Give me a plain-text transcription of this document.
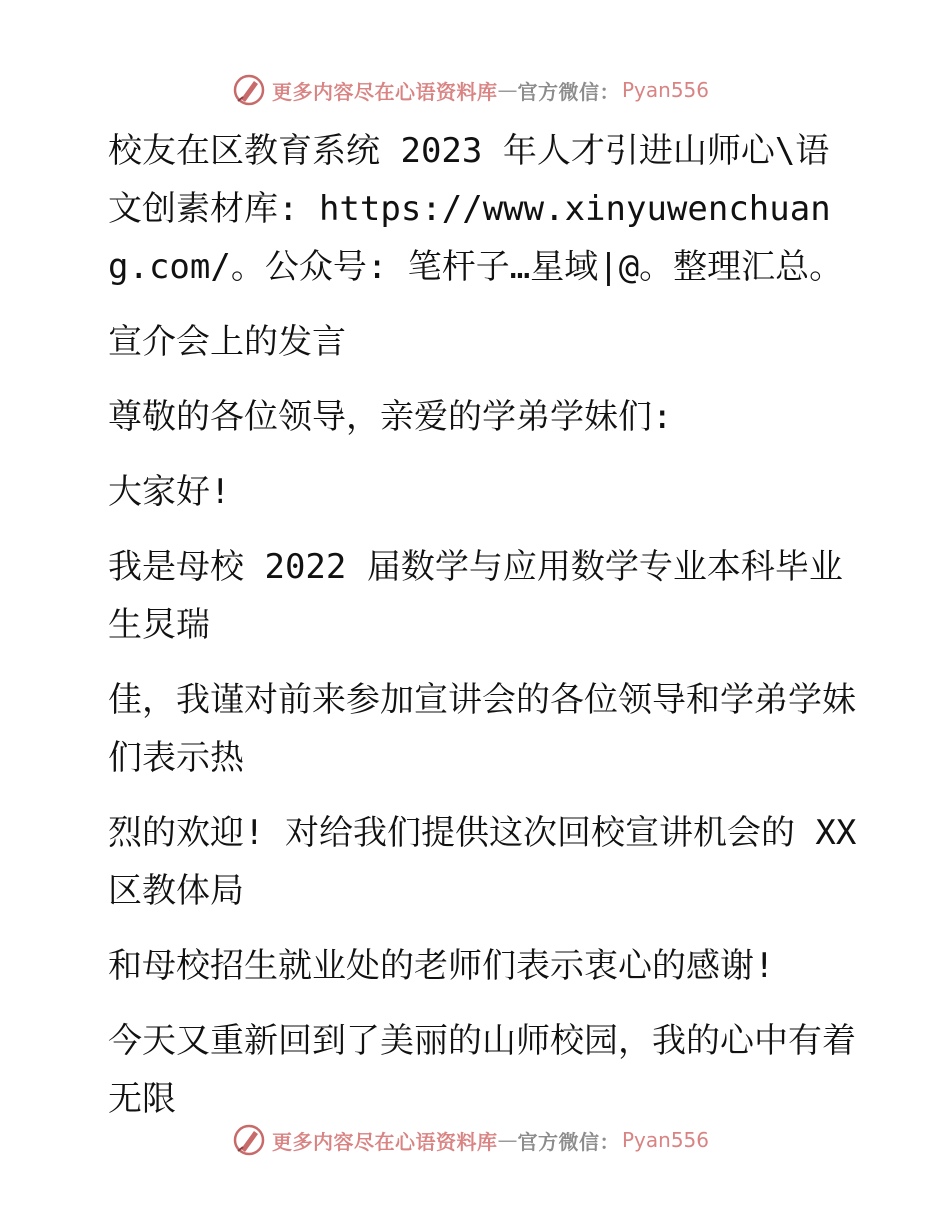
更多内容尽在心语资料库 — 官方微信： Pyan556

校友在区教育系统 2023 年人才引进山师心\语文创素材库: https://www.xinyuwenchuang.com/。公众号: 笔杆子…星域|@。整理汇总。

宣介会上的发言

尊敬的各位领导，亲爱的学弟学妹们:

大家好!

我是母校 2022 届数学与应用数学专业本科毕业生炅瑞

佳，我谨对前来参加宣讲会的各位领导和学弟学妹们表示热

烈的欢迎! 对给我们提供这次回校宣讲机会的 XX 区教体局

和母校招生就业处的老师们表示衷心的感谢!

今天又重新回到了美丽的山师校园，我的心中有着无限

更多内容尽在心语资料库 — 官方微信： Pyan556
